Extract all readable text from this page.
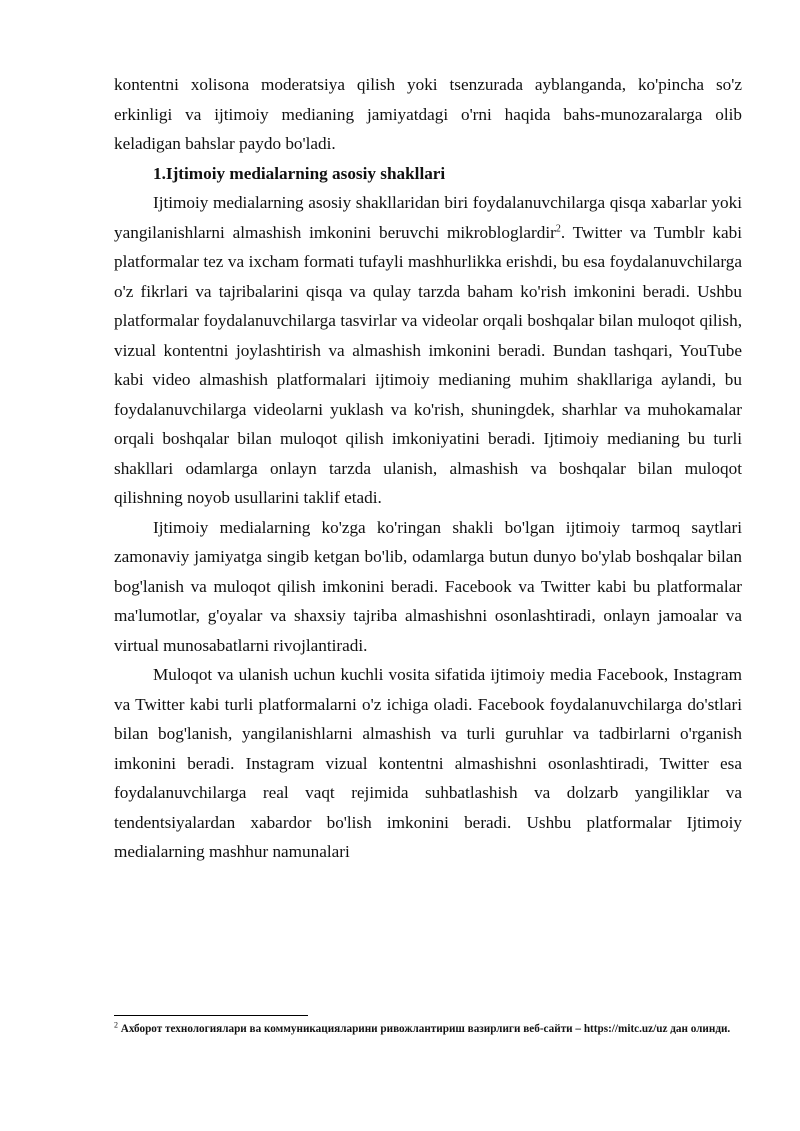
kontentni xolisona moderatsiya qilish yoki tsenzurada ayblanganda, ko'pincha so'z erkinligi va ijtimoiy medianing jamiyatdagi o'rni haqida bahs-munozaralarga olib keladigan bahslar paydo bo'ladi.

1.Ijtimoiy medialarning asosiy shakllari

Ijtimoiy medialarning asosiy shakllaridan biri foydalanuvchilarga qisqa xabarlar yoki yangilanishlarni almashish imkonini beruvchi mikrobloglardir$^2$. Twitter va Tumblr kabi platformalar tez va ixcham formati tufayli mashhurlikka erishdi, bu esa foydalanuvchilarga o'z fikrlari va tajribalarini qisqa va qulay tarzda baham ko'rish imkonini beradi. Ushbu platformalar foydalanuvchilarga tasvirlar va videolar orqali boshqalar bilan muloqot qilish, vizual kontentni joylashtirish va almashish imkonini beradi. Bundan tashqari, YouTube kabi video almashish platformalari ijtimoiy medianing muhim shakllariga aylandi, bu foydalanuvchilarga videolarni yuklash va ko'rish, shuningdek, sharhlar va muhokamalar orqali boshqalar bilan muloqot qilish imkoniyatini beradi. Ijtimoiy medianing bu turli shakllari odamlarga onlayn tarzda ulanish, almashish va boshqalar bilan muloqot qilishning noyob usullarini taklif etadi.

Ijtimoiy medialarning ko'zga ko'ringan shakli bo'lgan ijtimoiy tarmoq saytlari zamonaviy jamiyatga singib ketgan bo'lib, odamlarga butun dunyo bo'ylab boshqalar bilan bog'lanish va muloqot qilish imkonini beradi. Facebook va Twitter kabi bu platformalar ma'lumotlar, g'oyalar va shaxsiy tajriba almashishni osonlashtiradi, onlayn jamoalar va virtual munosabatlarni rivojlantiradi.

Muloqot va ulanish uchun kuchli vosita sifatida ijtimoiy media Facebook, Instagram va Twitter kabi turli platformalarni o'z ichiga oladi. Facebook foydalanuvchilarga do'stlari bilan bog'lanish, yangilanishlarni almashish va turli guruhlar va tadbirlarni o'rganish imkonini beradi. Instagram vizual kontentni almashishni osonlashtiradi, Twitter esa foydalanuvchilarga real vaqt rejimida suhbatlashish va dolzarb yangiliklar va tendentsiyalardan xabardor bo'lish imkonini beradi. Ushbu platformalar Ijtimoiy medialarning mashhur namunalari

$^2$ Ахборот технологиялари ва коммуникацияларини ривожлантириш вазирлиги веб-сайти – https://mitc.uz/uz дан олинди.
